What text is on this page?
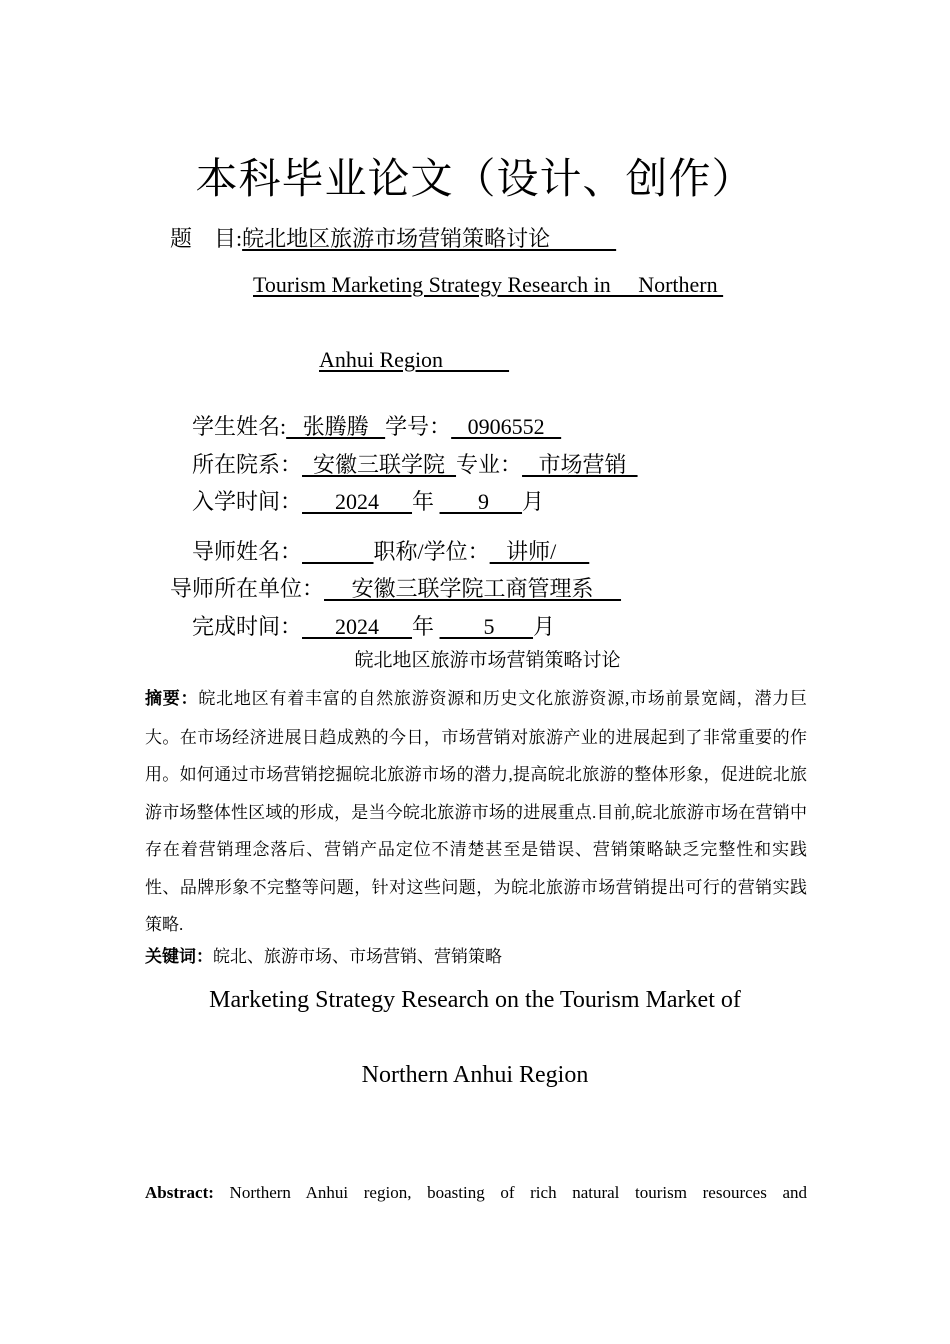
本科毕业论文（设计、创作）
题　目:皖北地区旅游市场营销策略讨论　　　
Tourism Marketing Strategy Research in     Northern
Anhui Region
学生姓名:   张腾腾   学号：   0906552
所在院系：  安徽三联学院  专业：   市场营销
入学时间：      2024      年        9      月
导师姓名：	职称/学位：   讲师/
导师所在单位：     安徽三联学院工商管理系
完成时间：      2024      年         5       月
皖北地区旅游市场营销策略讨论
摘要：皖北地区有着丰富的自然旅游资源和历史文化旅游资源,市场前景宽阔，潜力巨大。在市场经济进展日趋成熟的今日，市场营销对旅游产业的进展起到了非常重要的作用。如何通过市场营销挖掘皖北旅游市场的潜力,提高皖北旅游的整体形象，促进皖北旅游市场整体性区域的形成，是当今皖北旅游市场的进展重点.目前,皖北旅游市场在营销中存在着营销理念落后、营销产品定位不清楚甚至是错误、营销策略缺乏完整性和实践性、品牌形象不完整等问题，针对这些问题，为皖北旅游市场营销提出可行的营销实践策略.
关键词：皖北、旅游市场、市场营销、营销策略
Marketing Strategy Research on the Tourism Market of
Northern Anhui Region
Abstract: Northern Anhui region, boasting of rich natural tourism resources and
